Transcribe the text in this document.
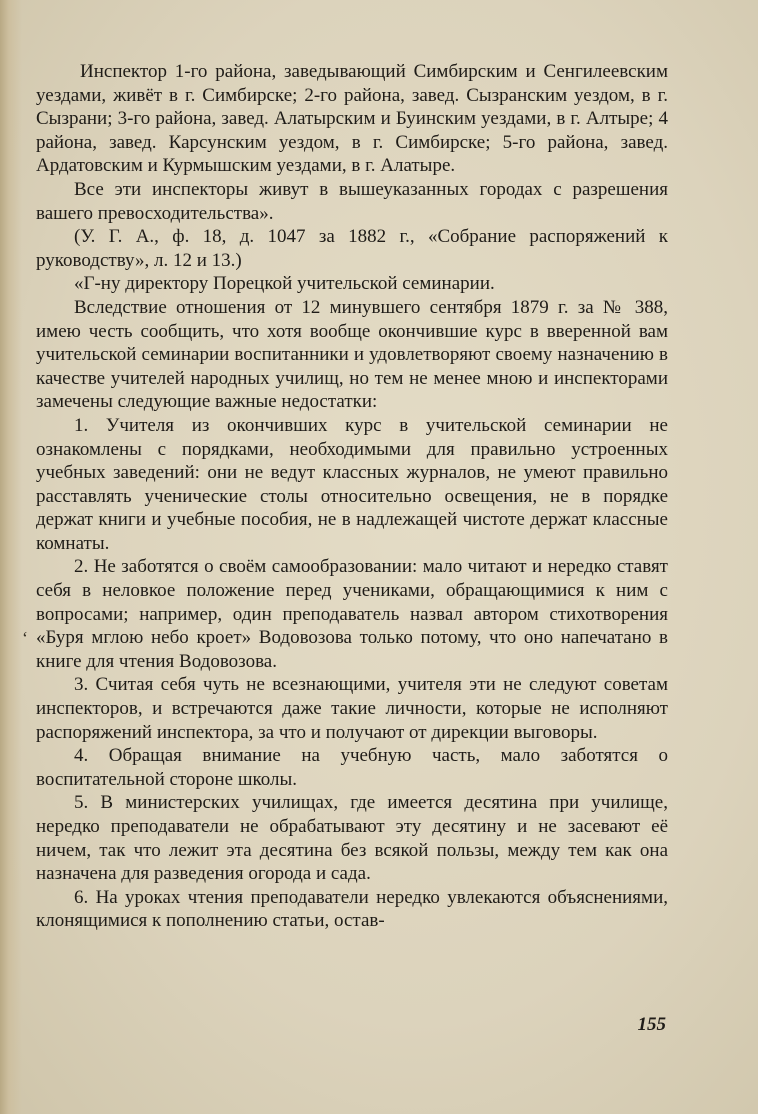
Инспектор 1-го района, заведывающий Симбирским и Сенгилеевским уездами, живёт в г. Симбирске; 2-го района, завед. Сызранским уездом, в г. Сызрани; 3-го района, завед. Алатырским и Буинским уездами, в г. Алтыре; 4 района, завед. Карсунским уездом, в г. Симбирске; 5-го района, завед. Ардатовским и Курмышским уездами, в г. Алатыре.

Все эти инспекторы живут в вышеуказанных городах с разрешения вашего превосходительства».

(У. Г. А., ф. 18, д. 1047 за 1882 г., «Собрание распоряжений к руководству», л. 12 и 13.)

«Г-ну директору Порецкой учительской семинарии.

Вследствие отношения от 12 минувшего сентября 1879 г. за № 388, имею честь сообщить, что хотя вообще окончившие курс в вверенной вам учительской семинарии воспитанники и удовлетворяют своему назначению в качестве учителей народных училищ, но тем не менее мною и инспекторами замечены следующие важные недостатки:

1. Учителя из окончивших курс в учительской семинарии не ознакомлены с порядками, необходимыми для правильно устроенных учебных заведений: они не ведут классных журналов, не умеют правильно расставлять ученические столы относительно освещения, не в порядке держат книги и учебные пособия, не в надлежащей чистоте держат классные комнаты.

2. Не заботятся о своём самообразовании: мало читают и нередко ставят себя в неловкое положение перед учениками, обращающимися к ним с вопросами; например, один преподаватель назвал автором стихотворения «Буря мглою небо кроет» Водовозова только потому, что оно напечатано в книге для чтения Водовозова.

3. Считая себя чуть не всезнающими, учителя эти не следуют советам инспекторов, и встречаются даже такие личности, которые не исполняют распоряжений инспектора, за что и получают от дирекции выговоры.

4. Обращая внимание на учебную часть, мало заботятся о воспитательной стороне школы.

5. В министерских училищах, где имеется десятина при училище, нередко преподаватели не обрабатывают эту десятину и не засевают её ничем, так что лежит эта десятина без всякой пользы, между тем как она назначена для разведения огорода и сада.

6. На уроках чтения преподаватели нередко увлекаются объяснениями, клонящимися к пополнению статьи, остав-

‘
155
